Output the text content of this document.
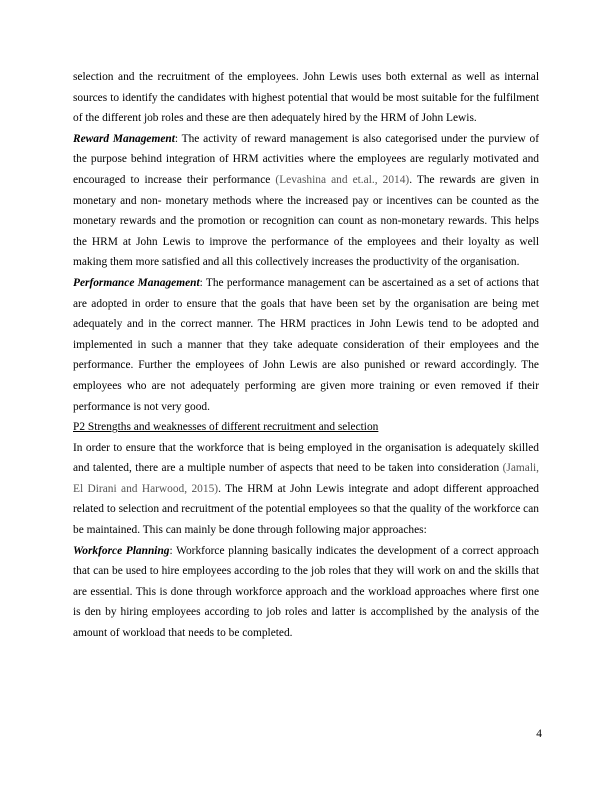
selection and the recruitment of the employees. John Lewis uses both external as well as internal sources to identify the candidates with highest potential that would be most suitable for the fulfilment of the different job roles and these are then adequately hired by the HRM of John Lewis.

Reward Management: The activity of reward management is also categorised under the purview of the purpose behind integration of HRM activities where the employees are regularly motivated and encouraged to increase their performance (Levashina and et.al., 2014). The rewards are given in monetary and non- monetary methods where the increased pay or incentives can be counted as the monetary rewards and the promotion or recognition can count as non-monetary rewards. This helps the HRM at John Lewis to improve the performance of the employees and their loyalty as well making them more satisfied and all this collectively increases the productivity of the organisation.

Performance Management: The performance management can be ascertained as a set of actions that are adopted in order to ensure that the goals that have been set by the organisation are being met adequately and in the correct manner. The HRM practices in John Lewis tend to be adopted and implemented in such a manner that they take adequate consideration of their employees and the performance. Further the employees of John Lewis are also punished or reward accordingly. The employees who are not adequately performing are given more training or even removed if their performance is not very good.

P2 Strengths and weaknesses of different recruitment and selection

In order to ensure that the workforce that is being employed in the organisation is adequately skilled and talented, there are a multiple number of aspects that need to be taken into consideration (Jamali, El Dirani and Harwood, 2015). The HRM at John Lewis integrate and adopt different approached related to selection and recruitment of the potential employees so that the quality of the workforce can be maintained. This can mainly be done through following major approaches:

Workforce Planning: Workforce planning basically indicates the development of a correct approach that can be used to hire employees according to the job roles that they will work on and the skills that are essential. This is done through workforce approach and the workload approaches where first one is den by hiring employees according to job roles and latter is accomplished by the analysis of the amount of workload that needs to be completed.

4
